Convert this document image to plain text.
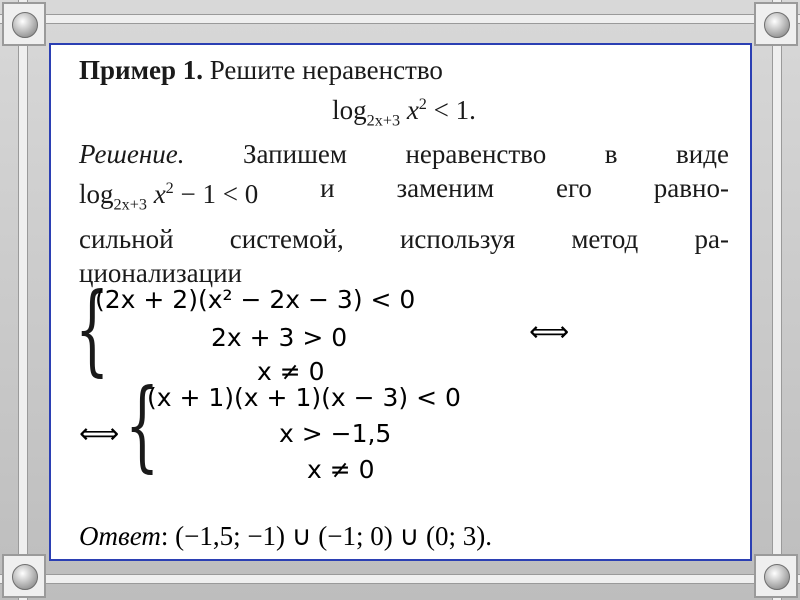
Пример 1. Решите неравенство
$\log_{2x+3} x^2 < 1$.
Решение. Запишем неравенство в виде
$\log_{2x+3} x^2 - 1 < 0$ и заменим его равно-
сильной системой, используя метод ра-
ционализации
{
(2x + 2)(x² − 2x − 3) < 0
2x + 3 > 0
x ≠ 0
⟺
⟺ {
(x + 1)(x + 1)(x − 3) < 0
x > −1,5
x ≠ 0
Ответ: (−1,5; −1) ∪ (−1; 0) ∪ (0; 3).
